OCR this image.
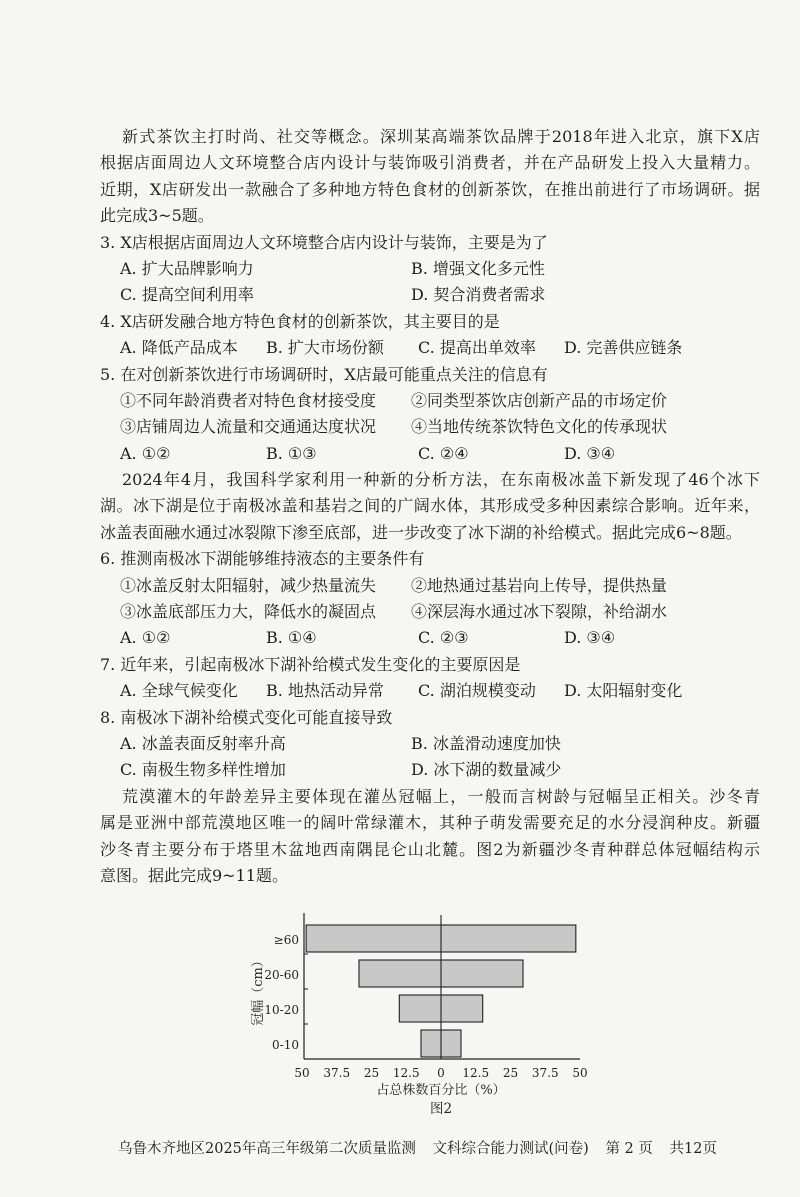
新式茶饮主打时尚、社交等概念。深圳某高端茶饮品牌于2018年进入北京，旗下X店
根据店面周边人文环境整合店内设计与装饰吸引消费者，并在产品研发上投入大量精力。
近期，X店研发出一款融合了多种地方特色食材的创新茶饮，在推出前进行了市场调研。据
此完成3~5题。
3. X店根据店面周边人文环境整合店内设计与装饰，主要是为了
A. 扩大品牌影响力	B. 增强文化多元性
C. 提高空间利用率	D. 契合消费者需求
4. X店研发融合地方特色食材的创新茶饮，其主要目的是
A. 降低产品成本	B. 扩大市场份额	C. 提高出单效率	D. 完善供应链条
5. 在对创新茶饮进行市场调研时，X店最可能重点关注的信息有
①不同年龄消费者对特色食材接受度	②同类型茶饮店创新产品的市场定价
③店铺周边人流量和交通通达度状况	④当地传统茶饮特色文化的传承现状
A. ①②	B. ①③	C. ②④	D. ③④
2024年4月，我国科学家利用一种新的分析方法，在东南极冰盖下新发现了46个冰下
湖。冰下湖是位于南极冰盖和基岩之间的广阔水体，其形成受多种因素综合影响。近年来，
冰盖表面融水通过冰裂隙下渗至底部，进一步改变了冰下湖的补给模式。据此完成6~8题。
6. 推测南极冰下湖能够维持液态的主要条件有
①冰盖反射太阳辐射，减少热量流失	②地热通过基岩向上传导，提供热量
③冰盖底部压力大，降低水的凝固点	④深层海水通过冰下裂隙，补给湖水
A. ①②	B. ①④	C. ②③	D. ③④
7. 近年来，引起南极冰下湖补给模式发生变化的主要原因是
A. 全球气候变化	B. 地热活动异常	C. 湖泊规模变动	D. 太阳辐射变化
8. 南极冰下湖补给模式变化可能直接导致
A. 冰盖表面反射率升高	B. 冰盖滑动速度加快
C. 南极生物多样性增加	D. 冰下湖的数量减少
荒漠灌木的年龄差异主要体现在灌丛冠幅上，一般而言树龄与冠幅呈正相关。沙冬青
属是亚洲中部荒漠地区唯一的阔叶常绿灌木，其种子萌发需要充足的水分浸润种皮。新疆
沙冬青主要分布于塔里木盆地西南隅昆仑山北麓。图2为新疆沙冬青种群总体冠幅结构示
意图。据此完成9~11题。
≥60
20-60
10-20
0-10
50 37.5 25 12.5 0 12.5 25 37.5 50
占总株数百分比（%）
冠幅（cm）
图2
乌鲁木齐地区2025年高三年级第二次质量监测 文科综合能力测试(问卷) 第 2 页 共12页
